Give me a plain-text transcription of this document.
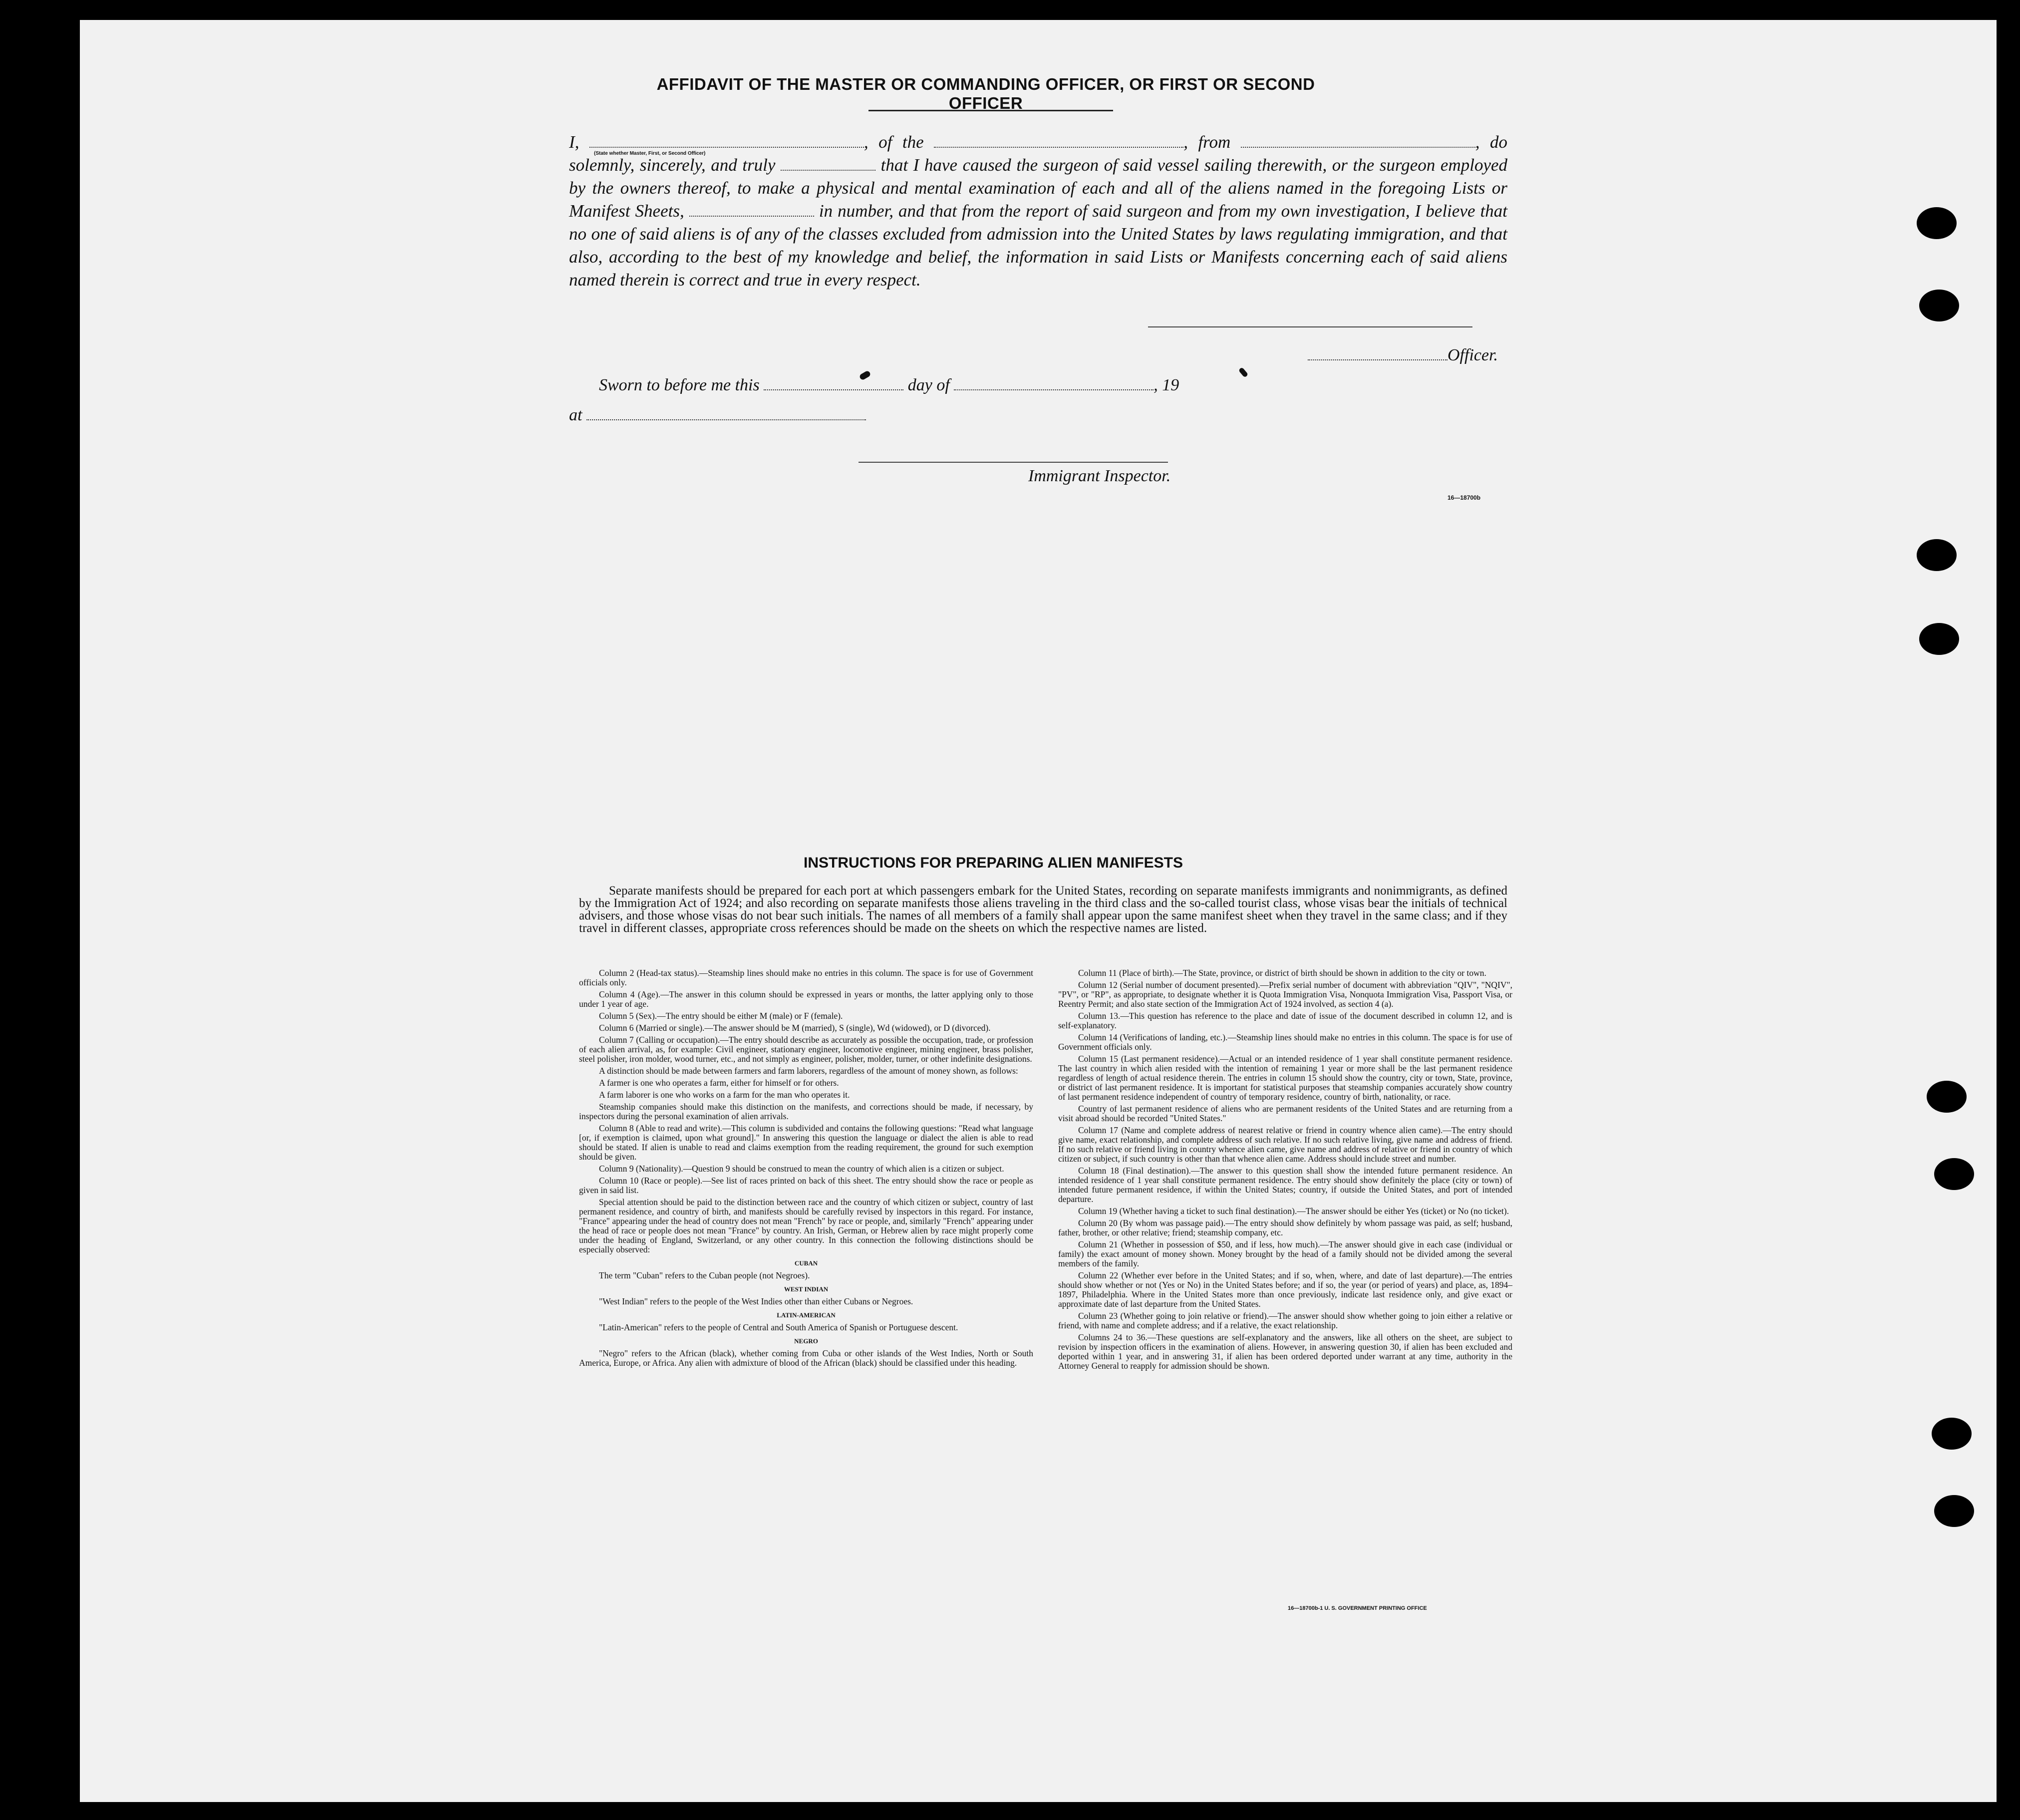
AFFIDAVIT OF THE MASTER OR COMMANDING OFFICER, OR FIRST OR SECOND OFFICER
I,	, of the	, from	, do solemnly, sincerely, and truly	that I have caused the surgeon of said vessel sailing therewith, or the surgeon employed by the owners thereof, to make a physical and mental examination of each and all of the aliens named in the foregoing Lists or Manifest Sheets,	in number, and that from the report of said surgeon and from my own investigation, I believe that no one of said aliens is of any of the classes excluded from admission into the United States by laws regulating immigration, and that also, according to the best of my knowledge and belief, the information in said Lists or Manifests concerning each of said aliens named therein is correct and true in every respect.
(State whether Master, First, or Second Officer)
Officer.
Sworn to before me this	day of	, 19
at
Immigrant Inspector.
16—18700b
INSTRUCTIONS FOR PREPARING ALIEN MANIFESTS
Separate manifests should be prepared for each port at which passengers embark for the United States, recording on separate manifests immigrants and nonimmigrants, as defined by the Immigration Act of 1924; and also recording on separate manifests those aliens traveling in the third class and the so-called tourist class, whose visas bear the initials of technical advisers, and those whose visas do not bear such initials. The names of all members of a family shall appear upon the same manifest sheet when they travel in the same class; and if they travel in different classes, appropriate cross references should be made on the sheets on which the respective names are listed.

Column 2 (Head-tax status).—Steamship lines should make no entries in this column. The space is for use of Government officials only.

Column 4 (Age).—The answer in this column should be expressed in years or months, the latter applying only to those under 1 year of age.

Column 5 (Sex).—The entry should be either M (male) or F (female).

Column 6 (Married or single).—The answer should be M (married), S (single), Wd (widowed), or D (divorced).

Column 7 (Calling or occupation).—The entry should describe as accurately as possible the occupation, trade, or profession of each alien arrival, as, for example: Civil engineer, stationary engineer, locomotive engineer, mining engineer, brass polisher, steel polisher, iron molder, wood turner, etc., and not simply as engineer, polisher, molder, turner, or other indefinite designations.

A distinction should be made between farmers and farm laborers, regardless of the amount of money shown, as follows:

A farmer is one who operates a farm, either for himself or for others.

A farm laborer is one who works on a farm for the man who operates it.

Steamship companies should make this distinction on the manifests, and corrections should be made, if necessary, by inspectors during the personal examination of alien arrivals.

Column 8 (Able to read and write).—This column is subdivided and contains the following questions: "Read what language [or, if exemption is claimed, upon what ground]." In answering this question the language or dialect the alien is able to read should be stated. If alien is unable to read and claims exemption from the reading requirement, the ground for such exemption should be given.

Column 9 (Nationality).—Question 9 should be construed to mean the country of which alien is a citizen or subject.

Column 10 (Race or people).—See list of races printed on back of this sheet. The entry should show the race or people as given in said list.

Special attention should be paid to the distinction between race and the country of which citizen or subject, country of last permanent residence, and country of birth, and manifests should be carefully revised by inspectors in this regard. For instance, "France" appearing under the head of country does not mean "French" by race or people, and, similarly "French" appearing under the head of race or people does not mean "France" by country. An Irish, German, or Hebrew alien by race might properly come under the heading of England, Switzerland, or any other country. In this connection the following distinctions should be especially observed:

CUBAN

The term "Cuban" refers to the Cuban people (not Negroes).

WEST INDIAN

"West Indian" refers to the people of the West Indies other than either Cubans or Negroes.

LATIN-AMERICAN

"Latin-American" refers to the people of Central and South America of Spanish or Portuguese descent.

NEGRO

"Negro" refers to the African (black), whether coming from Cuba or other islands of the West Indies, North or South America, Europe, or Africa. Any alien with admixture of blood of the African (black) should be classified under this heading.

Column 11 (Place of birth).—The State, province, or district of birth should be shown in addition to the city or town.

Column 12 (Serial number of document presented).—Prefix serial number of document with abbreviation "QIV", "NQIV", "PV", or "RP", as appropriate, to designate whether it is Quota Immigration Visa, Nonquota Immigration Visa, Passport Visa, or Reentry Permit; and also state section of the Immigration Act of 1924 involved, as section 4 (a).

Column 13.—This question has reference to the place and date of issue of the document described in column 12, and is self-explanatory.

Column 14 (Verifications of landing, etc.).—Steamship lines should make no entries in this column. The space is for use of Government officials only.

Column 15 (Last permanent residence).—Actual or an intended residence of 1 year shall constitute permanent residence. The last country in which alien resided with the intention of remaining 1 year or more shall be the last permanent residence regardless of length of actual residence therein. The entries in column 15 should show the country, city or town, State, province, or district of last permanent residence. It is important for statistical purposes that steamship companies accurately show country of last permanent residence independent of country of temporary residence, country of birth, nationality, or race.

Country of last permanent residence of aliens who are permanent residents of the United States and are returning from a visit abroad should be recorded "United States."

Column 17 (Name and complete address of nearest relative or friend in country whence alien came).—The entry should give name, exact relationship, and complete address of such relative. If no such relative living, give name and address of friend. If no such relative or friend living in country whence alien came, give name and address of relative or friend in country of which citizen or subject, if such country is other than that whence alien came. Address should include street and number.

Column 18 (Final destination).—The answer to this question shall show the intended future permanent residence. An intended residence of 1 year shall constitute permanent residence. The entry should show definitely the place (city or town) of intended future permanent residence, if within the United States; country, if outside the United States, and port of intended departure.

Column 19 (Whether having a ticket to such final destination).—The answer should be either Yes (ticket) or No (no ticket).

Column 20 (By whom was passage paid).—The entry should show definitely by whom passage was paid, as self; husband, father, brother, or other relative; friend; steamship company, etc.

Column 21 (Whether in possession of $50, and if less, how much).—The answer should give in each case (individual or family) the exact amount of money shown. Money brought by the head of a family should not be divided among the several members of the family.

Column 22 (Whether ever before in the United States; and if so, when, where, and date of last departure).—The entries should show whether or not (Yes or No) in the United States before; and if so, the year (or period of years) and place, as, 1894–1897, Philadelphia. Where in the United States more than once previously, indicate last residence only, and give exact or approximate date of last departure from the United States.

Column 23 (Whether going to join relative or friend).—The answer should show whether going to join either a relative or friend, with name and complete address; and if a relative, the exact relationship.

Columns 24 to 36.—These questions are self-explanatory and the answers, like all others on the sheet, are subject to revision by inspection officers in the examination of aliens. However, in answering question 30, if alien has been excluded and deported within 1 year, and in answering 31, if alien has been ordered deported under warrant at any time, authority in the Attorney General to reapply for admission should be shown.

16—18700b-1 U. S. GOVERNMENT PRINTING OFFICE
